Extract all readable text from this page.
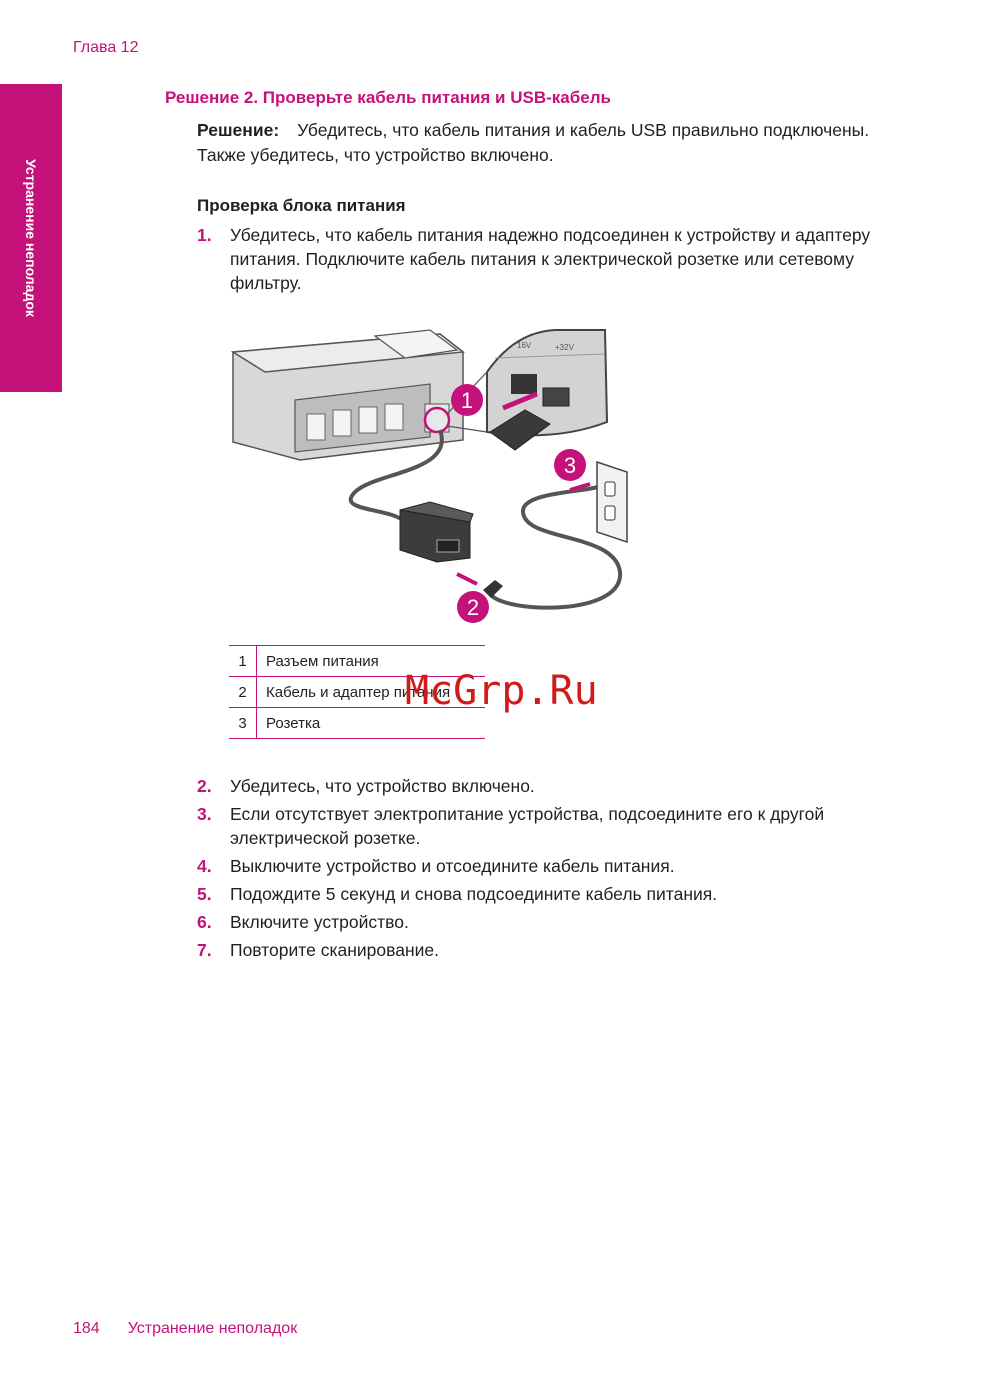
Глава 12
Устранение неполадок
Решение 2. Проверьте кабель питания и USB-кабель
Решение: Убедитесь, что кабель питания и кабель USB правильно подключены. Также убедитесь, что устройство включено.
Проверка блока питания
1. Убедитесь, что кабель питания надежно подсоединен к устройству и адаптеру питания. Подключите кабель питания к электрической розетке или сетевому фильтру.
16V	+32V
1
2
3
1	Разъем питания
2	Кабель и адаптер питания
3	Розетка
McGrp.Ru
2. Убедитесь, что устройство включено.
3. Если отсутствует электропитание устройства, подсоедините его к другой электрической розетке.
4. Выключите устройство и отсоедините кабель питания.
5. Подождите 5 секунд и снова подсоедините кабель питания.
6. Включите устройство.
7. Повторите сканирование.
184 Устранение неполадок
